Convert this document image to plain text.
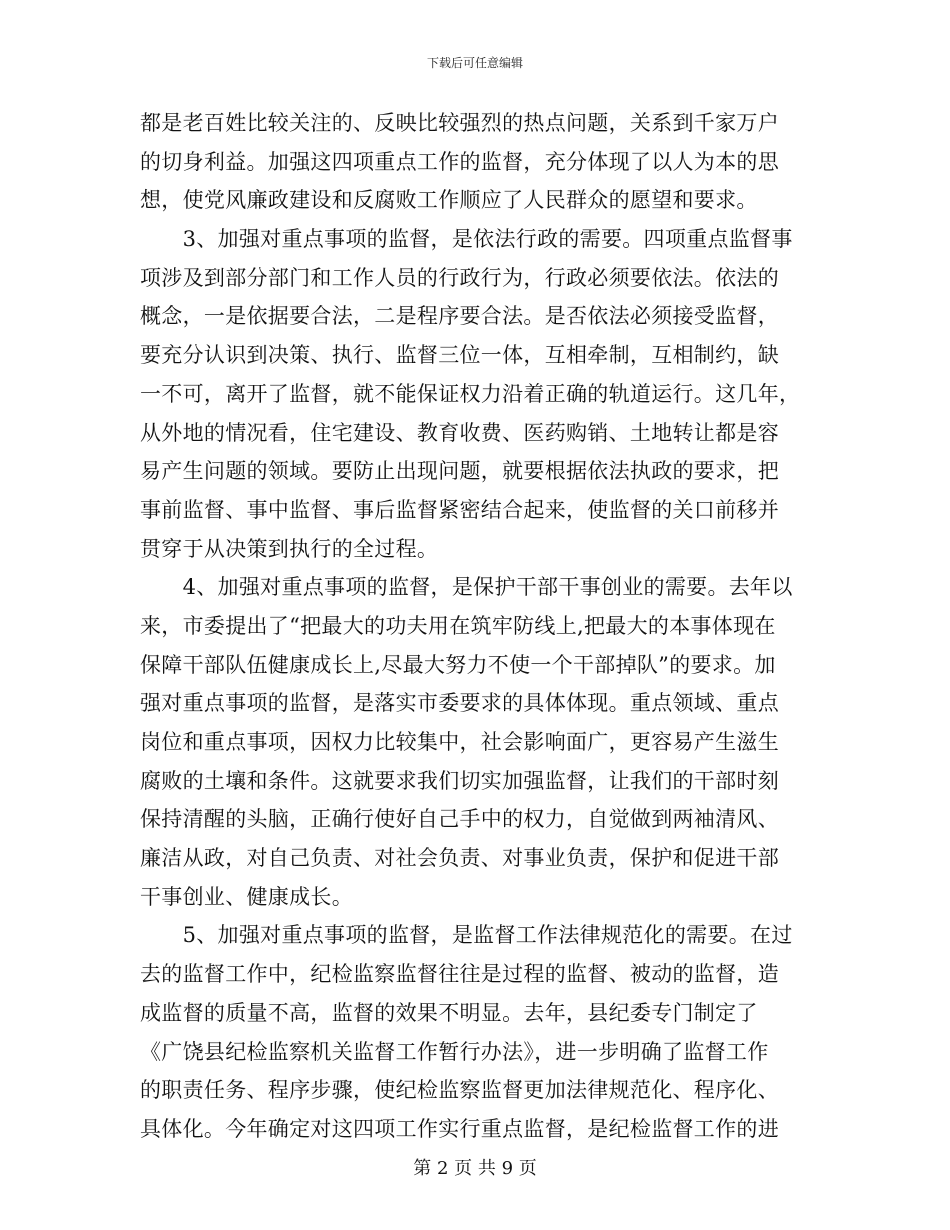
下载后可任意编辑
都是老百姓比较关注的、反映比较强烈的热点问题，关系到千家万户
的切身利益。加强这四项重点工作的监督，充分体现了以人为本的思
想，使党风廉政建设和反腐败工作顺应了人民群众的愿望和要求。
　　3、加强对重点事项的监督，是依法行政的需要。四项重点监督事
项涉及到部分部门和工作人员的行政行为，行政必须要依法。依法的
概念，一是依据要合法，二是程序要合法。是否依法必须接受监督，
要充分认识到决策、执行、监督三位一体，互相牵制，互相制约，缺
一不可，离开了监督，就不能保证权力沿着正确的轨道运行。这几年，
从外地的情况看，住宅建设、教育收费、医药购销、土地转让都是容
易产生问题的领域。要防止出现问题，就要根据依法执政的要求，把
事前监督、事中监督、事后监督紧密结合起来，使监督的关口前移并
贯穿于从决策到执行的全过程。
　　4、加强对重点事项的监督，是保护干部干事创业的需要。去年以
来，市委提出了“把最大的功夫用在筑牢防线上,把最大的本事体现在
保障干部队伍健康成长上,尽最大努力不使一个干部掉队”的要求。加
强对重点事项的监督，是落实市委要求的具体体现。重点领域、重点
岗位和重点事项，因权力比较集中，社会影响面广，更容易产生滋生
腐败的土壤和条件。这就要求我们切实加强监督，让我们的干部时刻
保持清醒的头脑，正确行使好自己手中的权力，自觉做到两袖清风、
廉洁从政，对自己负责、对社会负责、对事业负责，保护和促进干部
干事创业、健康成长。
　　5、加强对重点事项的监督，是监督工作法律规范化的需要。在过
去的监督工作中，纪检监察监督往往是过程的监督、被动的监督，造
成监督的质量不高，监督的效果不明显。去年，县纪委专门制定了
《广饶县纪检监察机关监督工作暂行办法》，进一步明确了监督工作
的职责任务、程序步骤，使纪检监察监督更加法律规范化、程序化、
具体化。今年确定对这四项工作实行重点监督，是纪检监督工作的进
第 2 页 共 9 页
